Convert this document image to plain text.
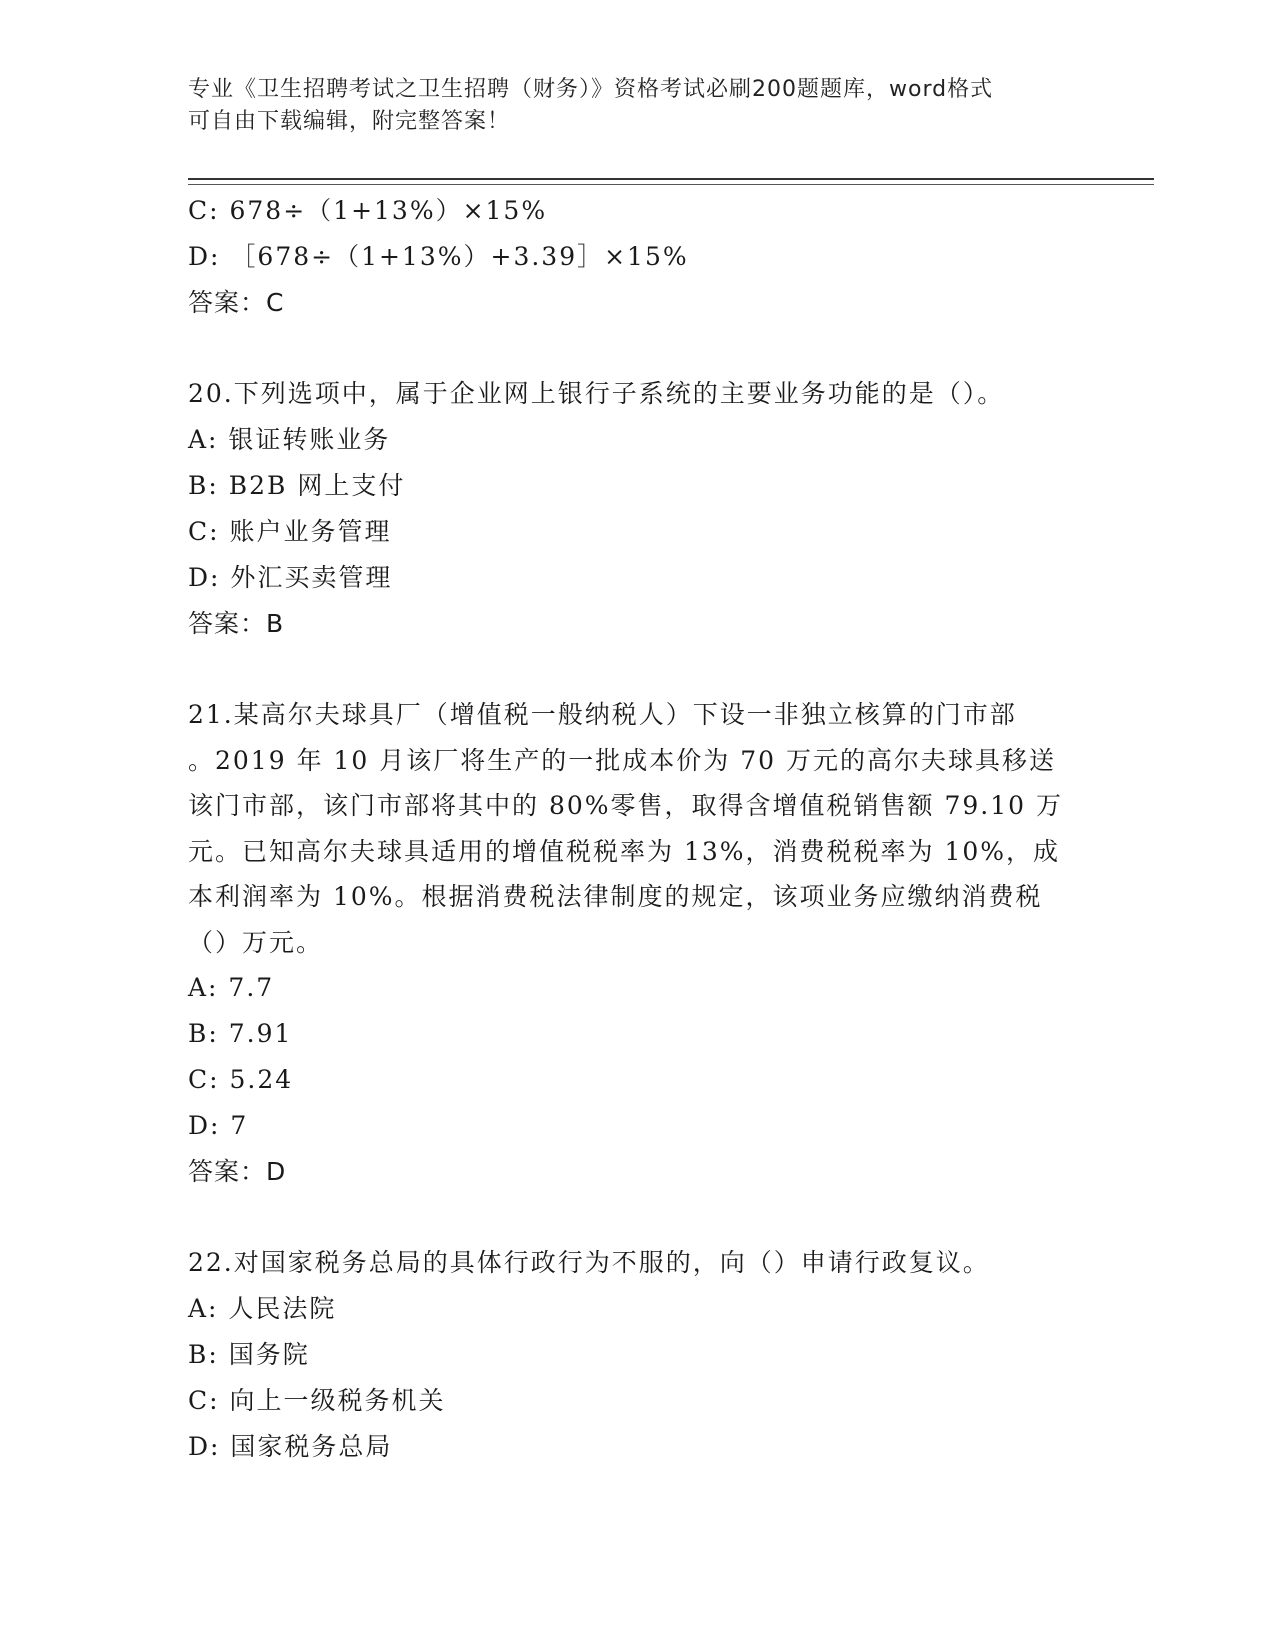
专业《卫生招聘考试之卫生招聘（财务）》资格考试必刷200题题库，word格式
可自由下载编辑，附完整答案！
C: 678÷（1+13%）×15%
D: ［678÷（1+13%）+3.39］×15%
答案：C
20.下列选项中，属于企业网上银行子系统的主要业务功能的是（）。
A: 银证转账业务
B: B2B 网上支付
C: 账户业务管理
D: 外汇买卖管理
答案：B
21.某高尔夫球具厂（增值税一般纳税人）下设一非独立核算的门市部
。2019 年 10 月该厂将生产的一批成本价为 70 万元的高尔夫球具移送
该门市部，该门市部将其中的 80%零售，取得含增值税销售额 79.10 万
元。已知高尔夫球具适用的增值税税率为 13%，消费税税率为 10%，成
本利润率为 10%。根据消费税法律制度的规定，该项业务应缴纳消费税
（）万元。
A: 7.7
B: 7.91
C: 5.24
D: 7
答案：D
22.对国家税务总局的具体行政行为不服的，向（）申请行政复议。
A: 人民法院
B: 国务院
C: 向上一级税务机关
D: 国家税务总局
